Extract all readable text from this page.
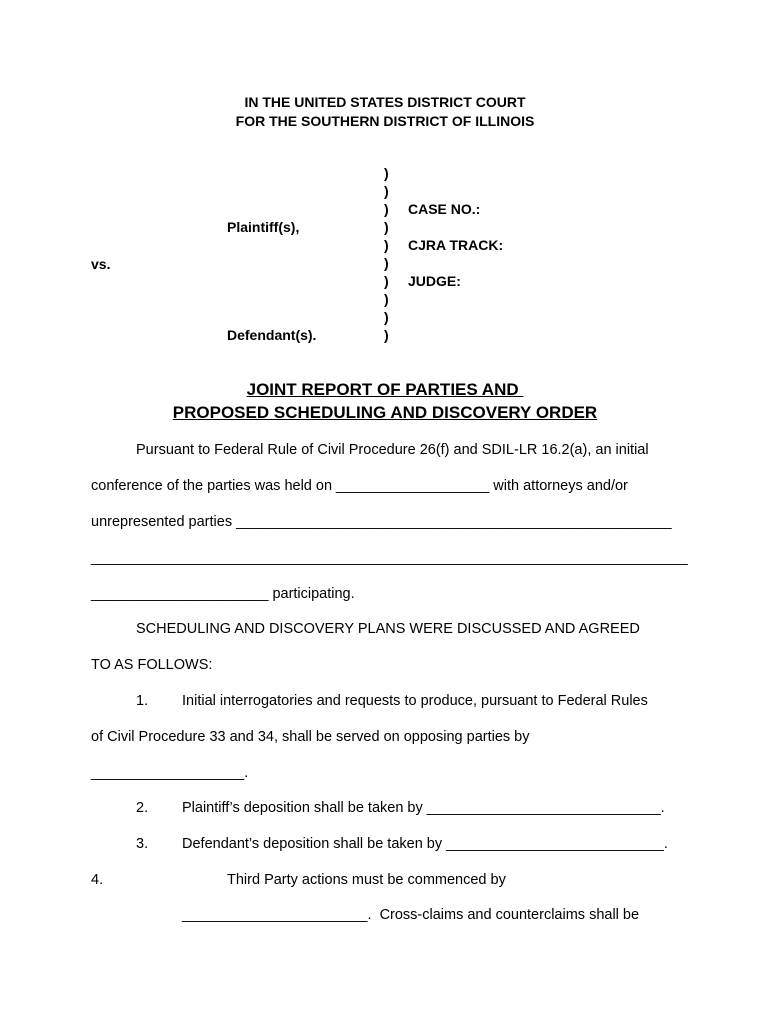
IN THE UNITED STATES DISTRICT COURT
FOR THE SOUTHERN DISTRICT OF ILLINOIS
)
)
)
)
)
)
)
)
)
)
Plaintiff(s),
vs.
Defendant(s).
CASE NO.:
CJRA TRACK:
JUDGE:
JOINT REPORT OF PARTIES AND
PROPOSED SCHEDULING AND DISCOVERY ORDER
Pursuant to Federal Rule of Civil Procedure 26(f) and SDIL-LR 16.2(a), an initial
conference of the parties was held on ___________________ with attorneys and/or
unrepresented parties ______________________________________________________
__________________________________________________________________________
______________________ participating.
SCHEDULING AND DISCOVERY PLANS WERE DISCUSSED AND AGREED
TO AS FOLLOWS:
1. Initial interrogatories and requests to produce, pursuant to Federal Rules
of Civil Procedure 33 and 34, shall be served on opposing parties by
___________________.
2. Plaintiff’s deposition shall be taken by _____________________________.
3. Defendant’s deposition shall be taken by ___________________________.
4.	Third Party actions must be commenced by
_______________________.  Cross-claims and counterclaims shall be
